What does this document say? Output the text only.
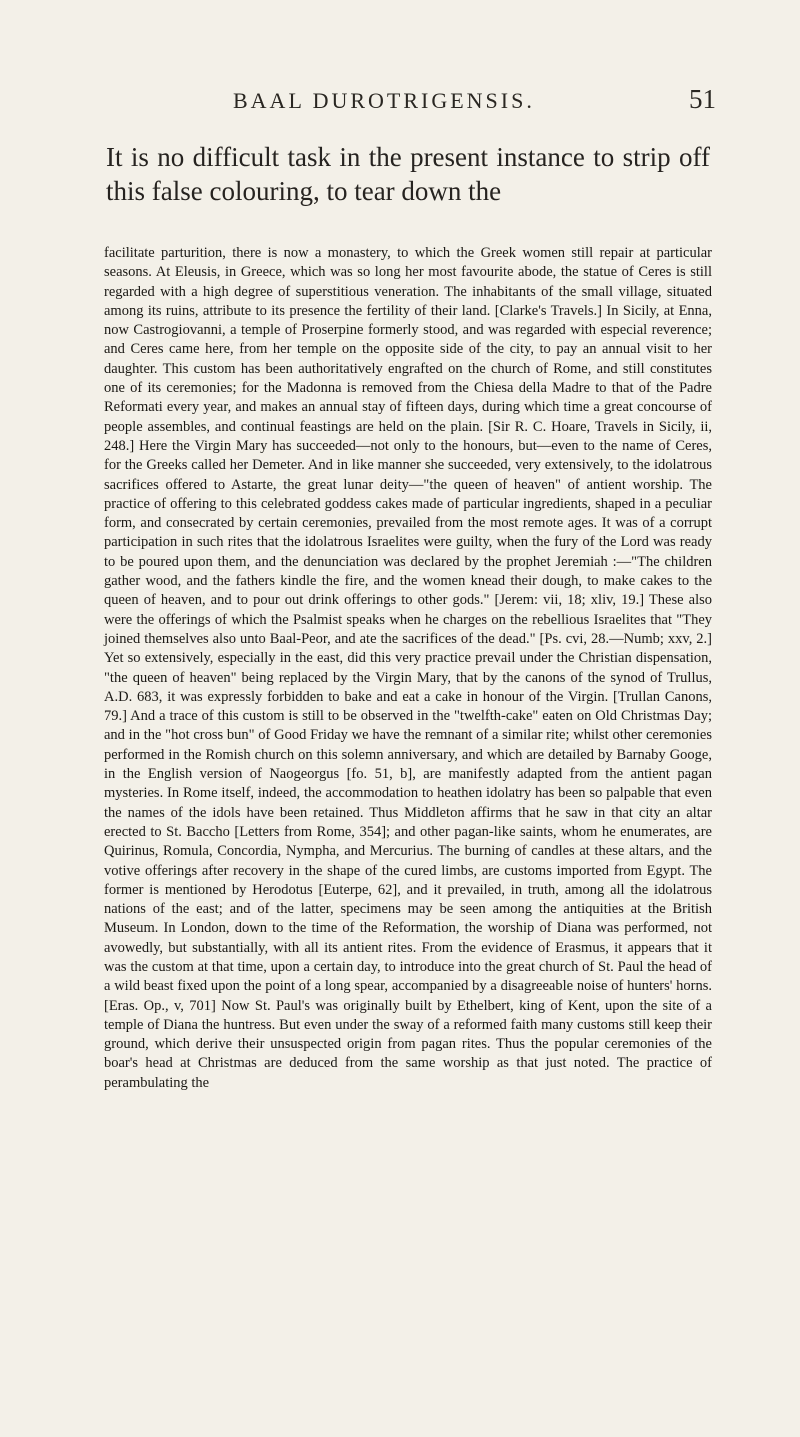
BAAL DUROTRIGENSIS.	51

It is no difficult task in the present instance to strip off this false colouring, to tear down the

facilitate parturition, there is now a monastery, to which the Greek women still repair at particular seasons. At Eleusis, in Greece, which was so long her most favourite abode, the statue of Ceres is still regarded with a high degree of superstitious veneration. The inhabitants of the small village, situated among its ruins, attribute to its presence the fertility of their land. [Clarke's Travels.] In Sicily, at Enna, now Castrogiovanni, a temple of Proserpine formerly stood, and was regarded with especial reverence; and Ceres came here, from her temple on the opposite side of the city, to pay an annual visit to her daughter. This custom has been authoritatively engrafted on the church of Rome, and still constitutes one of its ceremonies; for the Madonna is removed from the Chiesa della Madre to that of the Padre Reformati every year, and makes an annual stay of fifteen days, during which time a great concourse of people assembles, and continual feastings are held on the plain. [Sir R. C. Hoare, Travels in Sicily, ii, 248.] Here the Virgin Mary has succeeded—not only to the honours, but—even to the name of Ceres, for the Greeks called her Demeter. And in like manner she succeeded, very extensively, to the idolatrous sacrifices offered to Astarte, the great lunar deity—"the queen of heaven" of antient worship. The practice of offering to this celebrated goddess cakes made of particular ingredients, shaped in a peculiar form, and consecrated by certain ceremonies, prevailed from the most remote ages. It was of a corrupt participation in such rites that the idolatrous Israelites were guilty, when the fury of the Lord was ready to be poured upon them, and the denunciation was declared by the prophet Jeremiah :—"The children gather wood, and the fathers kindle the fire, and the women knead their dough, to make cakes to the queen of heaven, and to pour out drink offerings to other gods." [Jerem: vii, 18; xliv, 19.] These also were the offerings of which the Psalmist speaks when he charges on the rebellious Israelites that "They joined themselves also unto Baal-Peor, and ate the sacrifices of the dead." [Ps. cvi, 28.—Numb; xxv, 2.] Yet so extensively, especially in the east, did this very practice prevail under the Christian dispensation, "the queen of heaven" being replaced by the Virgin Mary, that by the canons of the synod of Trullus, A.D. 683, it was expressly forbidden to bake and eat a cake in honour of the Virgin. [Trullan Canons, 79.] And a trace of this custom is still to be observed in the "twelfth-cake" eaten on Old Christmas Day; and in the "hot cross bun" of Good Friday we have the remnant of a similar rite; whilst other ceremonies performed in the Romish church on this solemn anniversary, and which are detailed by Barnaby Googe, in the English version of Naogeorgus [fo. 51, b], are manifestly adapted from the antient pagan mysteries. In Rome itself, indeed, the accommodation to heathen idolatry has been so palpable that even the names of the idols have been retained. Thus Middleton affirms that he saw in that city an altar erected to St. Baccho [Letters from Rome, 354]; and other pagan-like saints, whom he enumerates, are Quirinus, Romula, Concordia, Nympha, and Mercurius. The burning of candles at these altars, and the votive offerings after recovery in the shape of the cured limbs, are customs imported from Egypt. The former is mentioned by Herodotus [Euterpe, 62], and it prevailed, in truth, among all the idolatrous nations of the east; and of the latter, specimens may be seen among the antiquities at the British Museum. In London, down to the time of the Reformation, the worship of Diana was performed, not avowedly, but substantially, with all its antient rites. From the evidence of Erasmus, it appears that it was the custom at that time, upon a certain day, to introduce into the great church of St. Paul the head of a wild beast fixed upon the point of a long spear, accompanied by a disagreeable noise of hunters' horns. [Eras. Op., v, 701] Now St. Paul's was originally built by Ethelbert, king of Kent, upon the site of a temple of Diana the huntress. But even under the sway of a reformed faith many customs still keep their ground, which derive their unsuspected origin from pagan rites. Thus the popular ceremonies of the boar's head at Christmas are deduced from the same worship as that just noted. The practice of perambulating the
